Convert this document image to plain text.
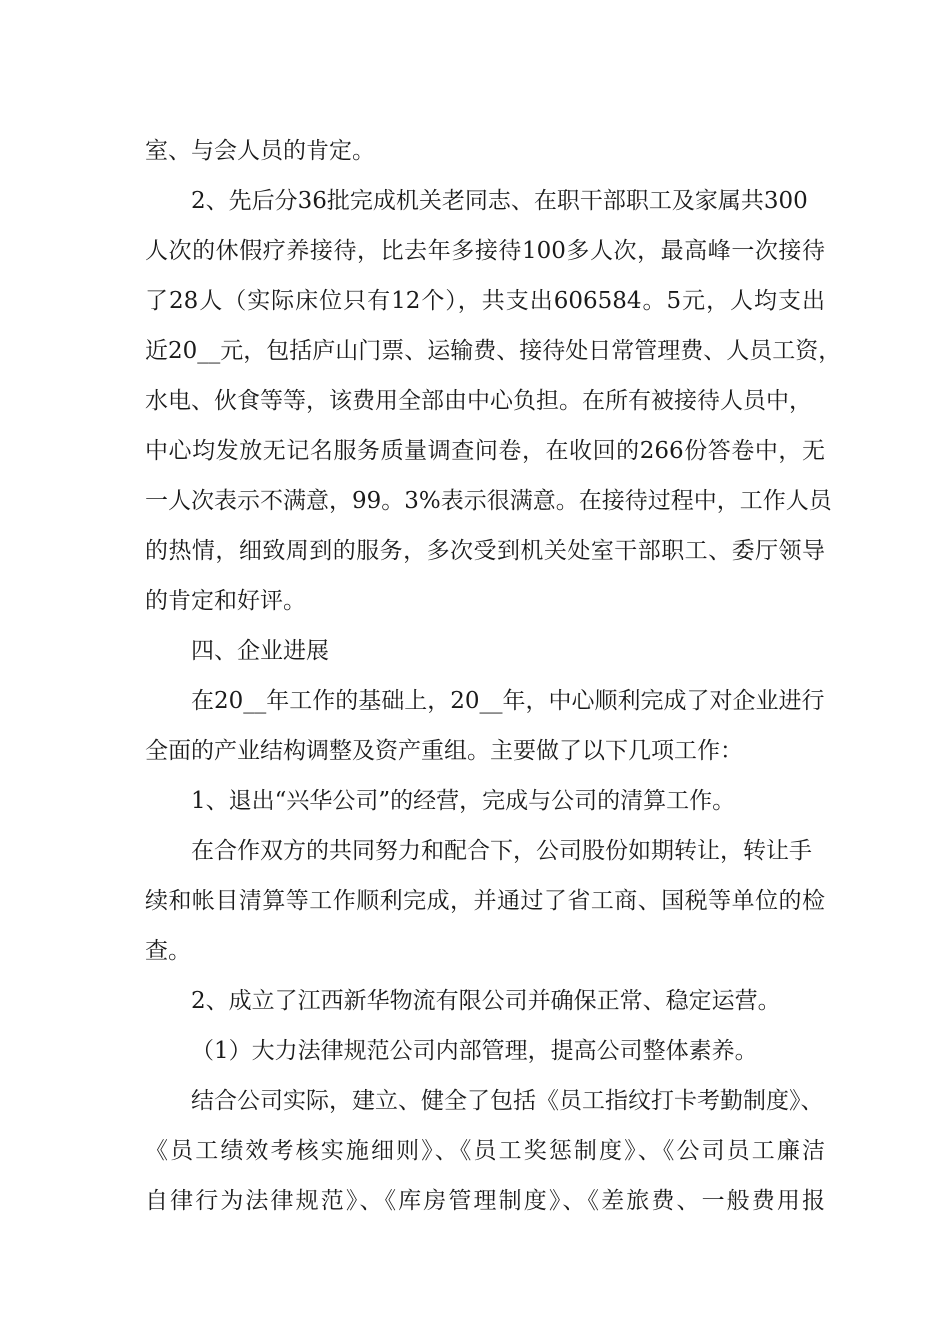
室、与会人员的肯定。
2、先后分36批完成机关老同志、在职干部职工及家属共300
人次的休假疗养接待，比去年多接待100多人次，最高峰一次接待
了28人（实际床位只有12个），共支出606584。5元，人均支出
近20__元，包括庐山门票、运输费、接待处日常管理费、人员工资，
水电、伙食等等，该费用全部由中心负担。在所有被接待人员中，
中心均发放无记名服务质量调查问卷，在收回的266份答卷中，无
一人次表示不满意，99。3%表示很满意。在接待过程中，工作人员
的热情，细致周到的服务，多次受到机关处室干部职工、委厅领导
的肯定和好评。
四、企业进展
在20__年工作的基础上，20__年，中心顺利完成了对企业进行
全面的产业结构调整及资产重组。主要做了以下几项工作：
1、退出“兴华公司”的经营，完成与公司的清算工作。
在合作双方的共同努力和配合下，公司股份如期转让，转让手
续和帐目清算等工作顺利完成，并通过了省工商、国税等单位的检
查。
2、成立了江西新华物流有限公司并确保正常、稳定运营。
（1）大力法律规范公司内部管理，提高公司整体素养。
结合公司实际，建立、健全了包括《员工指纹打卡考勤制度》、
《员工绩效考核实施细则》、《员工奖惩制度》、《公司员工廉洁
自律行为法律规范》、《库房管理制度》、《差旅费、一般费用报
